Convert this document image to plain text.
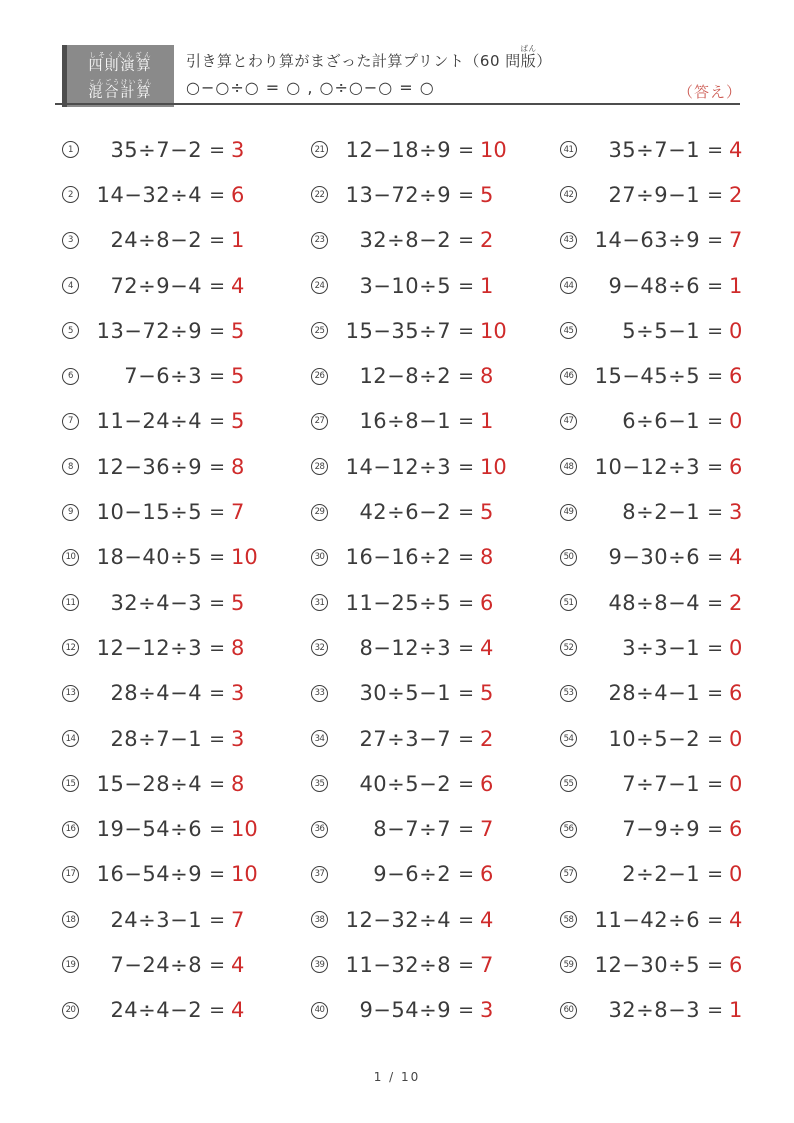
四則演算 しそくえんざん
混合計算 こんごうけいさん
引き算とわり算がまざった計算プリント（60 問版ばん）
○−○÷○ = ○ , ○÷○−○ = ○	（答え）
1	35÷7−2 = 3
2	14−32÷4 = 6
3	24÷8−2 = 1
4	72÷9−4 = 4
5	13−72÷9 = 5
6	7−6÷3 = 5
7	11−24÷4 = 5
8	12−36÷9 = 8
9	10−15÷5 = 7
10	18−40÷5 = 10
11	32÷4−3 = 5
12	12−12÷3 = 8
13	28÷4−4 = 3
14	28÷7−1 = 3
15	15−28÷4 = 8
16	19−54÷6 = 10
17	16−54÷9 = 10
18	24÷3−1 = 7
19	7−24÷8 = 4
20	24÷4−2 = 4
21	12−18÷9 = 10
22	13−72÷9 = 5
23	32÷8−2 = 2
24	3−10÷5 = 1
25	15−35÷7 = 10
26	12−8÷2 = 8
27	16÷8−1 = 1
28	14−12÷3 = 10
29	42÷6−2 = 5
30	16−16÷2 = 8
31	11−25÷5 = 6
32	8−12÷3 = 4
33	30÷5−1 = 5
34	27÷3−7 = 2
35	40÷5−2 = 6
36	8−7÷7 = 7
37	9−6÷2 = 6
38	12−32÷4 = 4
39	11−32÷8 = 7
40	9−54÷9 = 3
41	35÷7−1 = 4
42	27÷9−1 = 2
43	14−63÷9 = 7
44	9−48÷6 = 1
45	5÷5−1 = 0
46	15−45÷5 = 6
47	6÷6−1 = 0
48	10−12÷3 = 6
49	8÷2−1 = 3
50	9−30÷6 = 4
51	48÷8−4 = 2
52	3÷3−1 = 0
53	28÷4−1 = 6
54	10÷5−2 = 0
55	7÷7−1 = 0
56	7−9÷9 = 6
57	2÷2−1 = 0
58	11−42÷6 = 4
59	12−30÷5 = 6
60	32÷8−3 = 1
1 / 10
